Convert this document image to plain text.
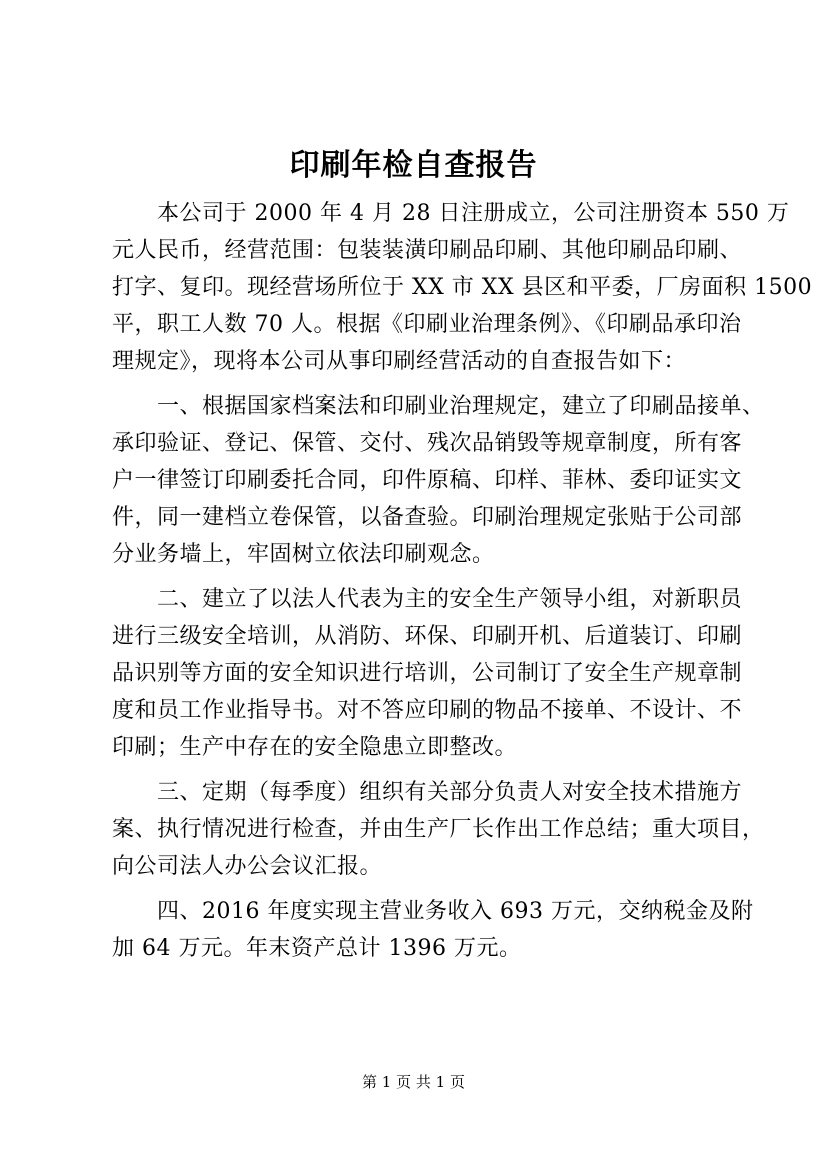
印刷年检自查报告

　　本公司于 2000 年 4 月 28 日注册成立，公司注册资本 550 万
元人民币，经营范围：包装装潢印刷品印刷、其他印刷品印刷、
打字、复印。现经营场所位于 XX 市 XX 县区和平委，厂房面积 1500
平，职工人数 70 人。根据《印刷业治理条例》、《印刷品承印治
理规定》，现将本公司从事印刷经营活动的自查报告如下：

　　一、根据国家档案法和印刷业治理规定，建立了印刷品接单、
承印验证、登记、保管、交付、残次品销毁等规章制度，所有客
户一律签订印刷委托合同，印件原稿、印样、菲林、委印证实文
件，同一建档立卷保管，以备查验。印刷治理规定张贴于公司部
分业务墙上，牢固树立依法印刷观念。

　　二、建立了以法人代表为主的安全生产领导小组，对新职员
进行三级安全培训，从消防、环保、印刷开机、后道装订、印刷
品识别等方面的安全知识进行培训，公司制订了安全生产规章制
度和员工作业指导书。对不答应印刷的物品不接单、不设计、不
印刷；生产中存在的安全隐患立即整改。

　　三、定期（每季度）组织有关部分负责人对安全技术措施方
案、执行情况进行检查，并由生产厂长作出工作总结；重大项目，
向公司法人办公会议汇报。

　　四、2016 年度实现主营业务收入 693 万元，交纳税金及附
加 64 万元。年末资产总计 1396 万元。

第 1 页 共 1 页
